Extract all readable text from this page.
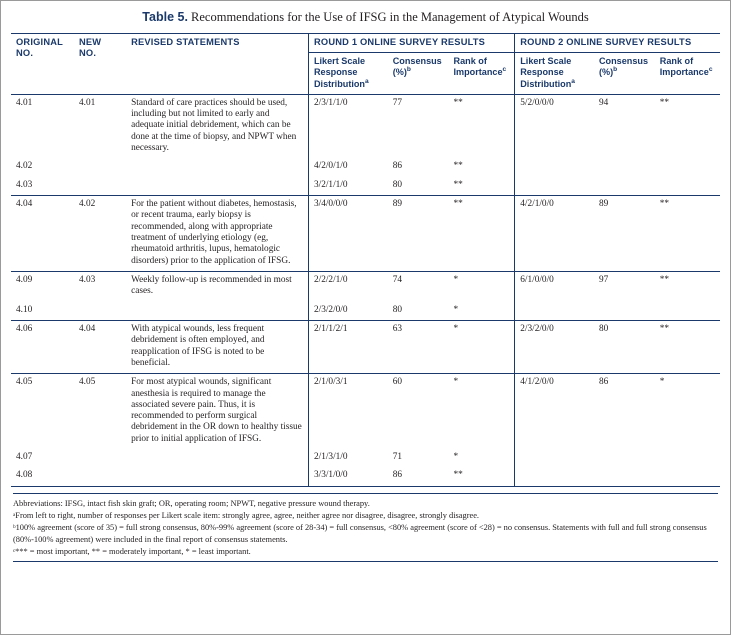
Table 5. Recommendations for the Use of IFSG in the Management of Atypical Wounds
ORIGINAL NO.	NEW NO.	REVISED STATEMENTS	ROUND 1 ONLINE SURVEY RESULTS			ROUND 2 ONLINE SURVEY RESULTS		
			Likert Scale Response Distribution$^a$	Consensus (%)$^b$	Rank of Importance$^c$	Likert Scale Response Distribution$^a$	Consensus (%)$^b$	Rank of Importance$^c$
4.01	4.01	Standard of care practices should be used, including but not limited to early and adequate initial debridement, which can be done at the time of biopsy, and NPWT when necessary.	2/3/1/1/0	77	**	5/2/0/0/0	94	**
4.02			4/2/0/1/0	86	**			
4.03			3/2/1/1/0	80	**			
4.04	4.02	For the patient without diabetes, hemostasis, or recent trauma, early biopsy is recommended, along with appropriate treatment of underlying etiology (eg, rheumatoid arthritis, lupus, hematologic disorders) prior to the application of IFSG.	3/4/0/0/0	89	**	4/2/1/0/0	89	**
4.09	4.03	Weekly follow-up is recommended in most cases.	2/2/2/1/0	74	*	6/1/0/0/0	97	**
4.10			2/3/2/0/0	80	*			
4.06	4.04	With atypical wounds, less frequent debridement is often employed, and reapplication of IFSG is noted to be beneficial.	2/1/1/2/1	63	*	2/3/2/0/0	80	**
4.05	4.05	For most atypical wounds, significant anesthesia is required to manage the associated severe pain. Thus, it is recommended to perform surgical debridement in the OR down to healthy tissue prior to initial application of IFSG.	2/1/0/3/1	60	*	4/1/2/0/0	86	*
4.07			2/1/3/1/0	71	*			
4.08			3/3/1/0/0	86	**			
Abbreviations: IFSG, intact fish skin graft; OR, operating room; NPWT, negative pressure wound therapy.
ᵃFrom left to right, number of responses per Likert scale item: strongly agree, agree, neither agree nor disagree, disagree, strongly disagree.
ᵇ100% agreement (score of 35) = full strong consensus, 80%-99% agreement (score of 28-34) = full consensus, <80% agreement (score of <28) = no consensus. Statements with full and full strong consensus (80%-100% agreement) were included in the final report of consensus statements.
ᶜ*** = most important, ** = moderately important, * = least important.
